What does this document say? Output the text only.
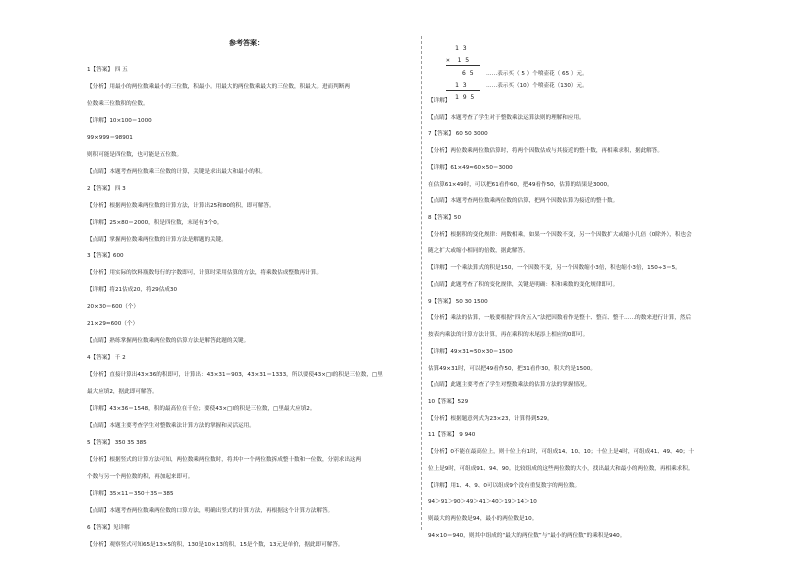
参考答案：
1【答案】 四 五
【分析】用最小的两位数乘最小的三位数，积最小。用最大的两位数乘最大的三位数，积最大。进而判断两
位数乘三位数积的位数。
【详解】10×100＝1000
99×999＝98901
则积可能是四位数，也可能是五位数。
【点睛】本题考查两位数乘三位数的计算，关键是求出最大和最小的积。
2【答案】 四 3
【分析】根据两位数乘两位数的计算方法，计算出25和80的积，即可解答。
【详解】25×80＝2000，积是四位数，末尾有3个0。
【点睛】掌握两位数乘两位数的计算方法是解题的关键。
3【答案】600
【分析】用实际的饮料瓶数每行的字数即可，计算时采用估算的方法，将乘数估成整数再计算。
【详解】将21估成20，将29估成30
20×30＝600（个）
21×29≈600（个）
【点睛】熟练掌握两位数乘两位数的估算方法是解答此题的关键。
4【答案】 千 2
【分析】直接计算出43×36的积即可，计算出：43×31＝903，43×31＝1333，所以要使43×□l的积是三位数，□里
最大应填2，据此即可解答。
【详解】43×36＝1548，积的最高位在千位；要使43×□l的积是三位数，□里最大应填2。
【点睛】本题主要考查学生对整数乘法计算方法的掌握和灵活运用。
5【答案】 350 35 385
【分析】根据竖式的计算方法可知，两位数乘两位数时，将其中一个两位数拆成整十数和一位数，分别求出这两
个数与另一个两位数的积，再加起来即可。
【详解】35×11＝350＋35＝385
【点睛】本题考查两位数乘两位数的口算方法，明确出竖式的计算方法，再根据这个计算方法解答。
6【答案】见详解
【分析】观察竖式可知65是13×5的积，130是10×13的积，15是个数，13元是单价，据此即可解答。
1 3
×  1 5
6 5 ……表示买（ 5 ）个喷壶花（ 65 ）元。
1 3	……表示买（10）个喷壶花（130）元。
1 9 5
【详解】
【点睛】本题考查了学生对于整数乘法运算法则的理解和应用。
7【答案】 60 50 3000
【分析】两位数乘两位数估算时，将两个因数估成与其接近的整十数，再相乘求积，据此解答。
【详解】61×49≈60×50＝3000
在估算61×49时，可以把61看作60，把49看作50，估算的结果是3000。
【点睛】本题考查两位数乘两位数的估算，把两个因数估算为接近的整十数。
8【答案】50
【分析】根据积的变化规律：两数相乘，如果一个因数不变，另一个因数扩大或缩小几倍（0除外），积也会
随之扩大或缩小相同的倍数，据此解答。
【详解】一个乘法算式的积是150，一个因数不变，另一个因数缩小3倍，积也缩小3倍，150÷3＝5。
【点睛】此题考查了积的变化规律，关键是明确：积和乘数的变化规律即可。
9【答案】 50 30 1500
【分析】乘法的估算，一般要根据“四舍五入”法把因数看作是整十、整百、整千……的数来进行计算，然后
按表内乘法的计算方法计算，再在乘积的末尾添上相应的0即可。
【详解】49×31≈50×30＝1500
估算49×31时，可以把49看作50，把31看作30，积大约是1500。
【点睛】此题主要考查了学生对整数乘法的估算方法的掌握情况。
10【答案】529
【分析】根据题意列式为23×23，计算得到529。
11【答案】 9 940
【分析】0不能在最高位上，则十位上有1时，可组成14、10、10；十位上是4时，可组成41、49、40；十
位上是9时，可组成91、94、90。比较组成的这些两位数的大小，找出最大和最小的两位数，再相乘求积。
【详解】用1、4、9、0可以组成9个没有重复数字的两位数。
94＞91＞90＞49＞41＞40＞19＞14＞10
则最大的两位数是94，最小的两位数是10。
94×10＝940，则其中组成的“最大的两位数”与“最小的两位数”的乘积是940。
